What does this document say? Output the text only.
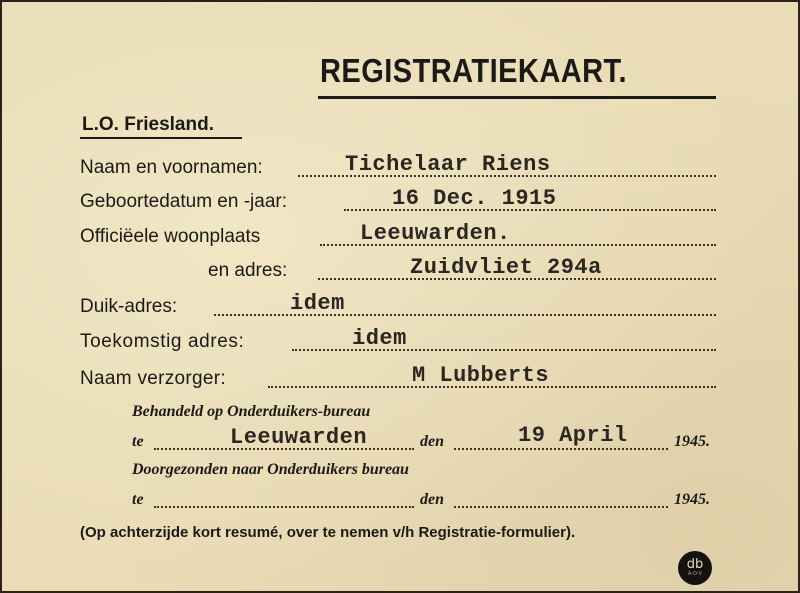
REGISTRATIEKAART.
L.O. Friesland.
Naam en voornamen:	Tichelaar Riens
Geboortedatum en -jaar:	16 Dec. 1915
Officiëele woonplaats	Leeuwarden.
en adres:	Zuidvliet 294a
Duik-adres:	idem
Toekomstig adres:	idem
Naam verzorger:	M Lubberts
Behandeld op Onderduikers-bureau
te	Leeuwarden	den	19 April	1945.
Doorgezonden naar Onderduikers bureau
te	den	1945.
(Op achterzijde kort resumé, over te nemen v/h Registratie-formulier).
db
A·O·V
